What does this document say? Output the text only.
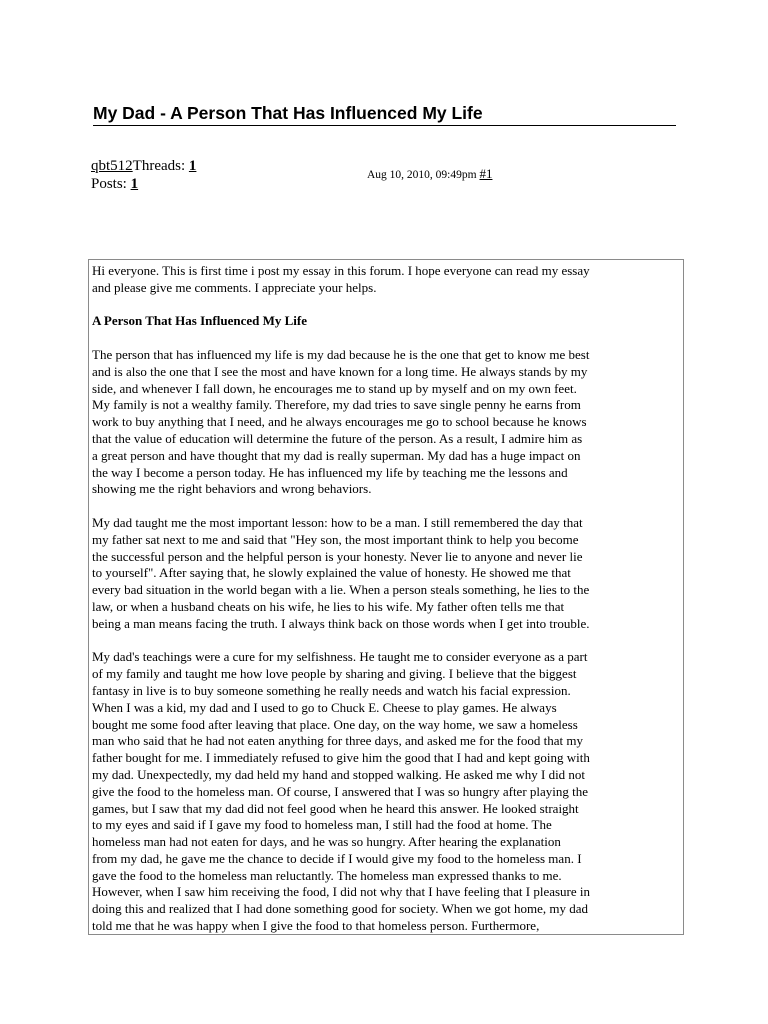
My Dad - A Person That Has Influenced My Life
qbt512Threads: 1
Posts: 1
Aug 10, 2010, 09:49pm #1

Hi everyone. This is first time i post my essay in this forum. I hope everyone can read my essay
and please give me comments. I appreciate your helps.

A Person That Has Influenced My Life

The person that has influenced my life is my dad because he is the one that get to know me best
and is also the one that I see the most and have known for a long time. He always stands by my
side, and whenever I fall down, he encourages me to stand up by myself and on my own feet.
My family is not a wealthy family. Therefore, my dad tries to save single penny he earns from
work to buy anything that I need, and he always encourages me go to school because he knows
that the value of education will determine the future of the person. As a result, I admire him as
a great person and have thought that my dad is really superman. My dad has a huge impact on
the way I become a person today. He has influenced my life by teaching me the lessons and
showing me the right behaviors and wrong behaviors.

My dad taught me the most important lesson: how to be a man. I still remembered the day that
my father sat next to me and said that "Hey son, the most important think to help you become
the successful person and the helpful person is your honesty. Never lie to anyone and never lie
to yourself". After saying that, he slowly explained the value of honesty. He showed me that
every bad situation in the world began with a lie. When a person steals something, he lies to the
law, or when a husband cheats on his wife, he lies to his wife. My father often tells me that
being a man means facing the truth. I always think back on those words when I get into trouble.

My dad's teachings were a cure for my selfishness. He taught me to consider everyone as a part
of my family and taught me how love people by sharing and giving. I believe that the biggest
fantasy in live is to buy someone something he really needs and watch his facial expression.
When I was a kid, my dad and I used to go to Chuck E. Cheese to play games. He always
bought me some food after leaving that place. One day, on the way home, we saw a homeless
man who said that he had not eaten anything for three days, and asked me for the food that my
father bought for me. I immediately refused to give him the good that I had and kept going with
my dad. Unexpectedly, my dad held my hand and stopped walking. He asked me why I did not
give the food to the homeless man. Of course, I answered that I was so hungry after playing the
games, but I saw that my dad did not feel good when he heard this answer. He looked straight
to my eyes and said if I gave my food to homeless man, I still had the food at home. The
homeless man had not eaten for days, and he was so hungry. After hearing the explanation
from my dad, he gave me the chance to decide if I would give my food to the homeless man. I
gave the food to the homeless man reluctantly. The homeless man expressed thanks to me.
However, when I saw him receiving the food, I did not why that I have feeling that I pleasure in
doing this and realized that I had done something good for society. When we got home, my dad
told me that he was happy when I give the food to that homeless person. Furthermore,
